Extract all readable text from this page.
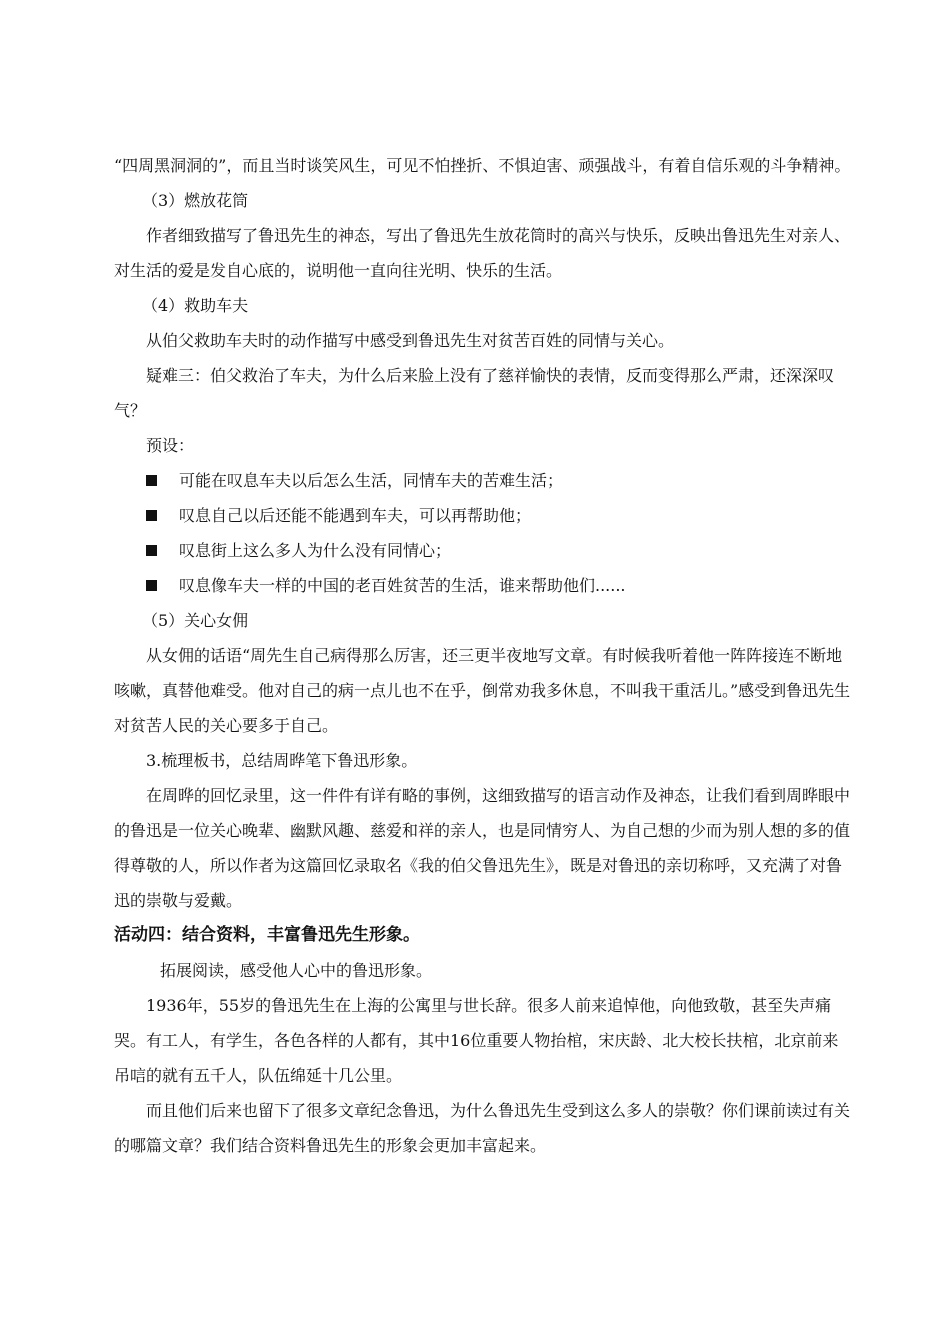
“四周黑洞洞的”，而且当时谈笑风生，可见不怕挫折、不惧迫害、顽强战斗，有着自信乐观的斗争精神。

（3）燃放花筒

作者细致描写了鲁迅先生的神态，写出了鲁迅先生放花筒时的高兴与快乐，反映出鲁迅先生对亲人、对生活的爱是发自心底的，说明他一直向往光明、快乐的生活。

（4）救助车夫

从伯父救助车夫时的动作描写中感受到鲁迅先生对贫苦百姓的同情与关心。

疑难三：伯父救治了车夫，为什么后来脸上没有了慈祥愉快的表情，反而变得那么严肃，还深深叹气？

预设：

可能在叹息车夫以后怎么生活，同情车夫的苦难生活；
叹息自己以后还能不能遇到车夫，可以再帮助他；
叹息街上这么多人为什么没有同情心；
叹息像车夫一样的中国的老百姓贫苦的生活，谁来帮助他们......

（5）关心女佣

从女佣的话语“周先生自己病得那么厉害，还三更半夜地写文章。有时候我听着他一阵阵接连不断地咳嗽，真替他难受。他对自己的病一点儿也不在乎，倒常劝我多休息，不叫我干重活儿。”感受到鲁迅先生对贫苦人民的关心要多于自己。

3.梳理板书，总结周晔笔下鲁迅形象。

在周晔的回忆录里，这一件件有详有略的事例，这细致描写的语言动作及神态，让我们看到周晔眼中的鲁迅是一位关心晚辈、幽默风趣、慈爱和祥的亲人，也是同情穷人、为自己想的少而为别人想的多的值得尊敬的人，所以作者为这篇回忆录取名《我的伯父鲁迅先生》，既是对鲁迅的亲切称呼，又充满了对鲁迅的崇敬与爱戴。

活动四：结合资料，丰富鲁迅先生形象。

拓展阅读，感受他人心中的鲁迅形象。

1936年，55岁的鲁迅先生在上海的公寓里与世长辞。很多人前来追悼他，向他致敬，甚至失声痛哭。有工人，有学生，各色各样的人都有，其中16位重要人物抬棺，宋庆龄、北大校长扶棺，北京前来吊唁的就有五千人，队伍绵延十几公里。

而且他们后来也留下了很多文章纪念鲁迅，为什么鲁迅先生受到这么多人的崇敬？你们课前读过有关的哪篇文章？我们结合资料鲁迅先生的形象会更加丰富起来。
